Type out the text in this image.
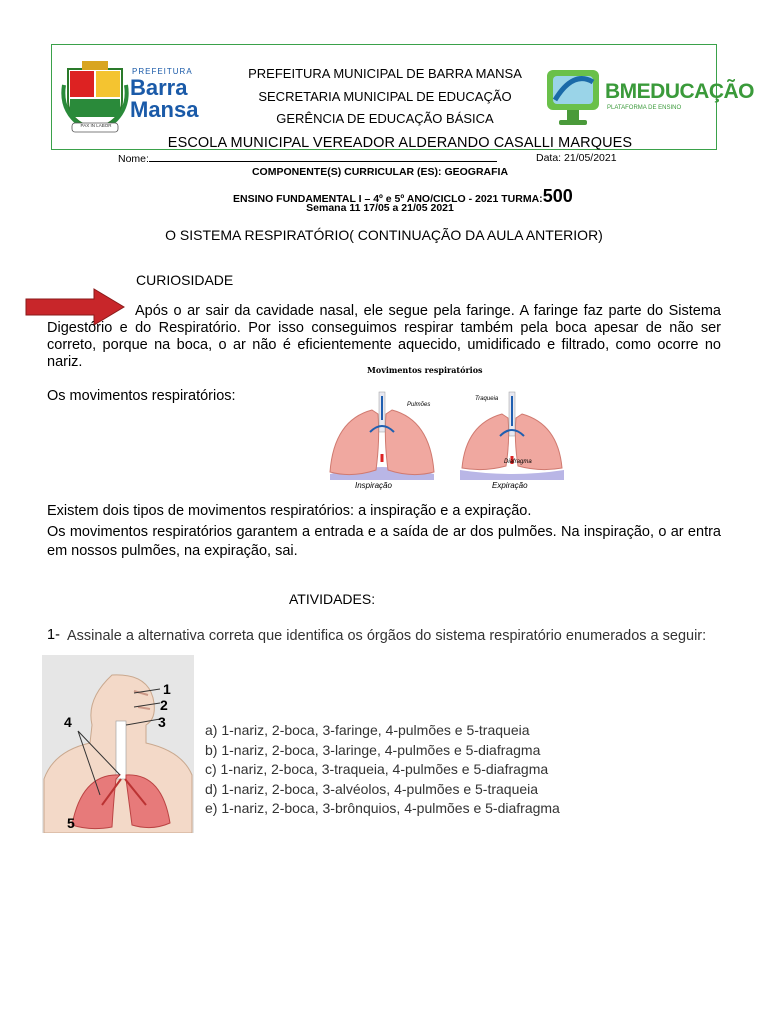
PAX IN LABOR
PREFEITURA
Barra
Mansa
PREFEITURA MUNICIPAL DE BARRA MANSA
SECRETARIA MUNICIPAL DE EDUCAÇÃO
GERÊNCIA DE EDUCAÇÃO BÁSICA
BMEDUCAÇÃO
PLATAFORMA DE ENSINO
ESCOLA MUNICIPAL VEREADOR ALDERANDO CASALLI MARQUES
Nome:	Data: 21/05/2021
COMPONENTE(S) CURRICULAR (ES): GEOGRAFIA
ENSINO FUNDAMENTAL I – 4º e 5º ANO/CICLO - 2021 TURMA:500
Semana 11 17/05 a 21/05 2021
O SISTEMA RESPIRATÓRIO( CONTINUAÇÃO DA AULA ANTERIOR)
CURIOSIDADE
Após o ar sair da cavidade nasal, ele segue pela faringe. A faringe faz parte do Sistema Digestório e do Respiratório. Por isso conseguimos respirar também pela boca apesar de não ser correto, porque na boca, o ar não é eficientemente aquecido, umidificado e filtrado, como ocorre no nariz.
Os movimentos respiratórios:
Movimentos respiratórios
Pulmões
Traqueia
Diafragma
Inspiração	Expiração
Existem dois tipos de movimentos respiratórios: a inspiração e a expiração.
Os movimentos respiratórios garantem a entrada e a saída de ar dos pulmões. Na inspiração, o ar entra em nossos pulmões, na expiração, sai.
ATIVIDADES:
1- Assinale a alternativa correta que identifica os órgãos do sistema respiratório enumerados a seguir:
1
2
3
4
5
a) 1-nariz, 2-boca, 3-faringe, 4-pulmões e 5-traqueia
b) 1-nariz, 2-boca, 3-laringe, 4-pulmões e 5-diafragma
c) 1-nariz, 2-boca, 3-traqueia, 4-pulmões e 5-diafragma
d) 1-nariz, 2-boca, 3-alvéolos, 4-pulmões e 5-traqueia
e) 1-nariz, 2-boca, 3-brônquios, 4-pulmões e 5-diafragma
